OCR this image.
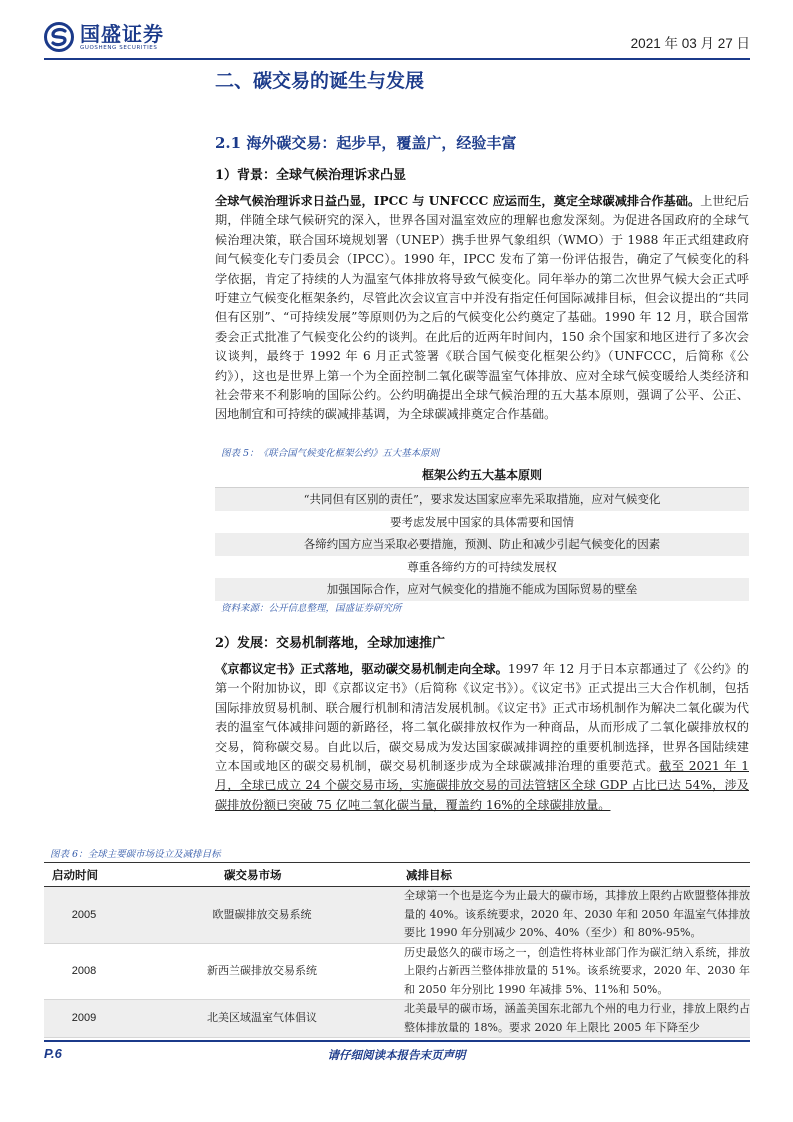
国盛证券
GUOSHENG SECURITIES	2021 年 03 月 27 日
二、碳交易的诞生与发展
2.1 海外碳交易：起步早，覆盖广，经验丰富
1）背景：全球气候治理诉求凸显
全球气候治理诉求日益凸显，IPCC 与 UNFCCC 应运而生，奠定全球碳减排合作基础。上世纪后期，伴随全球气候研究的深入，世界各国对温室效应的理解也愈发深刻。为促进各国政府的全球气候治理决策，联合国环境规划署（UNEP）携手世界气象组织（WMO）于 1988 年正式组建政府间气候变化专门委员会（IPCC）。1990 年，IPCC 发布了第一份评估报告，确定了气候变化的科学依据，肯定了持续的人为温室气体排放将导致气候变化。同年举办的第二次世界气候大会正式呼吁建立气候变化框架条约，尽管此次会议宣言中并没有指定任何国际减排目标，但会议提出的“共同但有区别”、“可持续发展”等原则仍为之后的气候变化公约奠定了基础。1990 年 12 月，联合国常委会正式批准了气候变化公约的谈判。在此后的近两年时间内，150 余个国家和地区进行了多次会议谈判，最终于 1992 年 6 月正式签署《联合国气候变化框架公约》（UNFCCC，后简称《公约》），这也是世界上第一个为全面控制二氧化碳等温室气体排放、应对全球气候变暖给人类经济和社会带来不利影响的国际公约。公约明确提出全球气候治理的五大基本原则，强调了公平、公正、因地制宜和可持续的碳减排基调，为全球碳减排奠定合作基础。
图表 5：《联合国气候变化框架公约》五大基本原则
框架公约五大基本原则
“共同但有区别的责任”，要求发达国家应率先采取措施，应对气候变化
要考虑发展中国家的具体需要和国情
各缔约国方应当采取必要措施，预测、防止和减少引起气候变化的因素
尊重各缔约方的可持续发展权
加强国际合作，应对气候变化的措施不能成为国际贸易的壁垒
资料来源：公开信息整理，国盛证券研究所
2）发展：交易机制落地，全球加速推广
《京都议定书》正式落地，驱动碳交易机制走向全球。1997 年 12 月于日本京都通过了《公约》的第一个附加协议，即《京都议定书》（后简称《议定书》）。《议定书》正式提出三大合作机制，包括国际排放贸易机制、联合履行机制和清洁发展机制。《议定书》正式市场机制作为解决二氧化碳为代表的温室气体减排问题的新路径，将二氧化碳排放权作为一种商品，从而形成了二氧化碳排放权的交易，简称碳交易。自此以后，碳交易成为发达国家碳减排调控的重要机制选择，世界各国陆续建立本国或地区的碳交易机制，碳交易机制逐步成为全球碳减排治理的重要范式。截至 2021 年 1 月，全球已成立 24 个碳交易市场，实施碳排放交易的司法管辖区全球 GDP 占比已达 54%，涉及碳排放份额已突破 75 亿吨二氧化碳当量，覆盖约 16%的全球碳排放量。
图表 6：全球主要碳市场设立及减排目标
启动时间	碳交易市场	减排目标
2005	欧盟碳排放交易系统	全球第一个也是迄今为止最大的碳市场，其排放上限约占欧盟整体排放量的 40%。该系统要求，2020 年、2030 年和 2050 年温室气体排放要比 1990 年分别减少 20%、40%（至少）和 80%-95%。
2008	新西兰碳排放交易系统	历史最悠久的碳市场之一，创造性将林业部门作为碳汇纳入系统，排放上限约占新西兰整体排放量的 51%。该系统要求，2020 年、2030 年和 2050 年分别比 1990 年减排 5%、11%和 50%。
2009	北美区域温室气体倡议	北美最早的碳市场，涵盖美国东北部九个州的电力行业，排放上限约占整体排放量的 18%。要求 2020 年上限比 2005 年下降至少
P.6	请仔细阅读本报告末页声明
